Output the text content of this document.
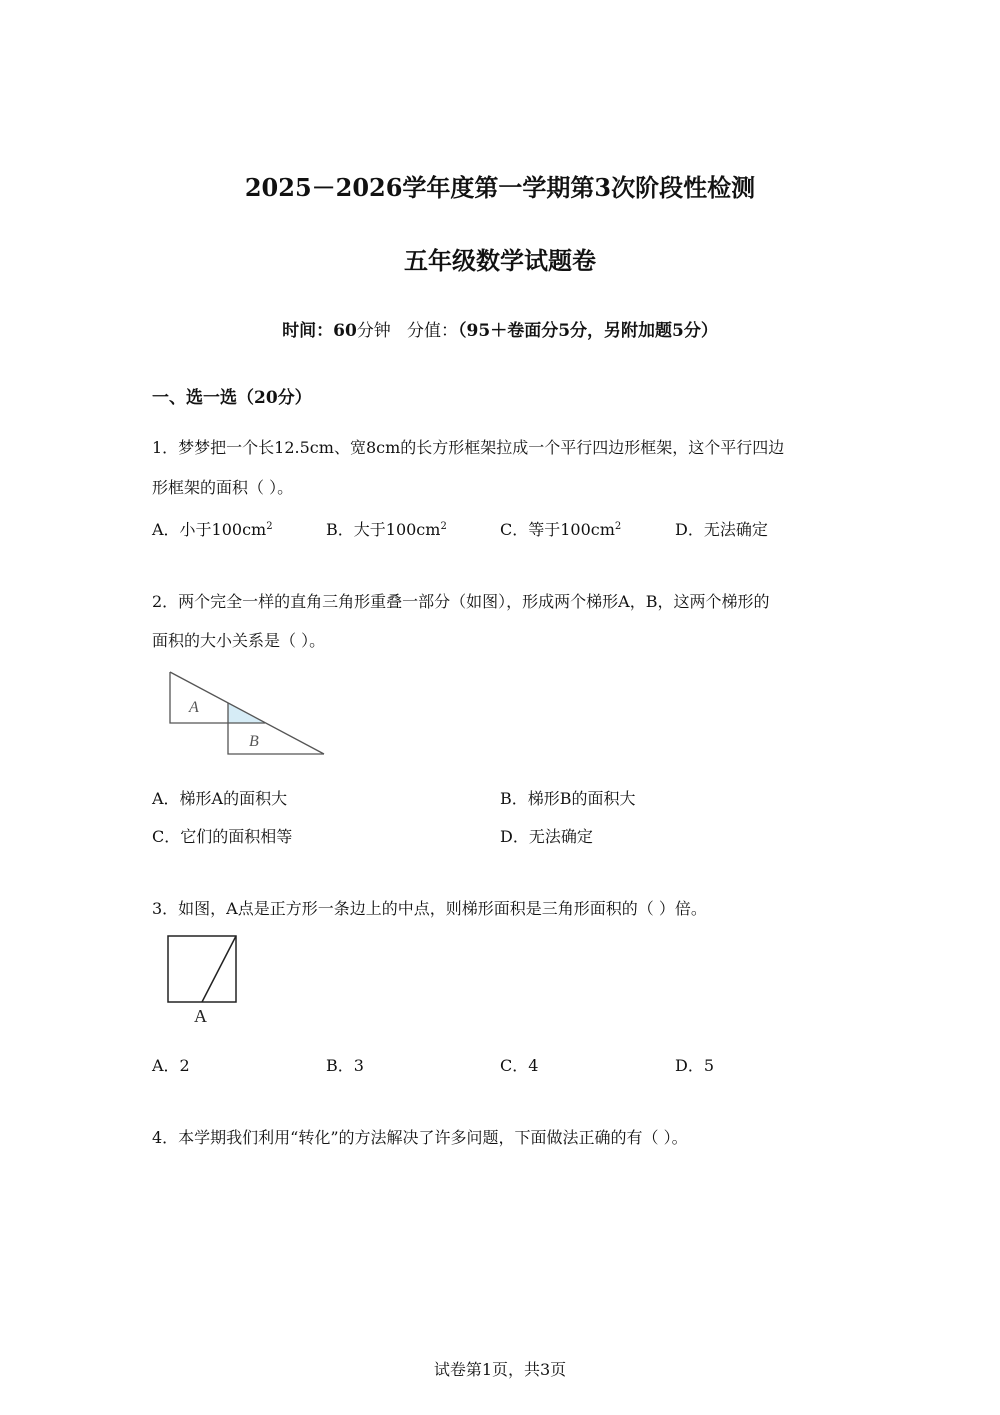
2025－2026学年度第一学期第3次阶段性检测
五年级数学试题卷
时间：60分钟 分值：（95＋卷面分5分，另附加题5分）
一、选一选（20分）
1．梦梦把一个长12.5cm、宽8cm的长方形框架拉成一个平行四边形框架，这个平行四边
形框架的面积（ ）。
A．小于$100cm^2$	B．大于$100cm^2$	C．等于$100cm^2$	D．无法确定
2．两个完全一样的直角三角形重叠一部分（如图），形成两个梯形A，B，这两个梯形的
面积的大小关系是（ ）。
A
B
A．梯形A的面积大	B．梯形B的面积大
C．它们的面积相等	D．无法确定
3．如图，A点是正方形一条边上的中点，则梯形面积是三角形面积的（ ）倍。
A
A．2	B．3	C．4	D．5
4．本学期我们利用“转化”的方法解决了许多问题，下面做法正确的有（ ）。
试卷第1页，共3页
